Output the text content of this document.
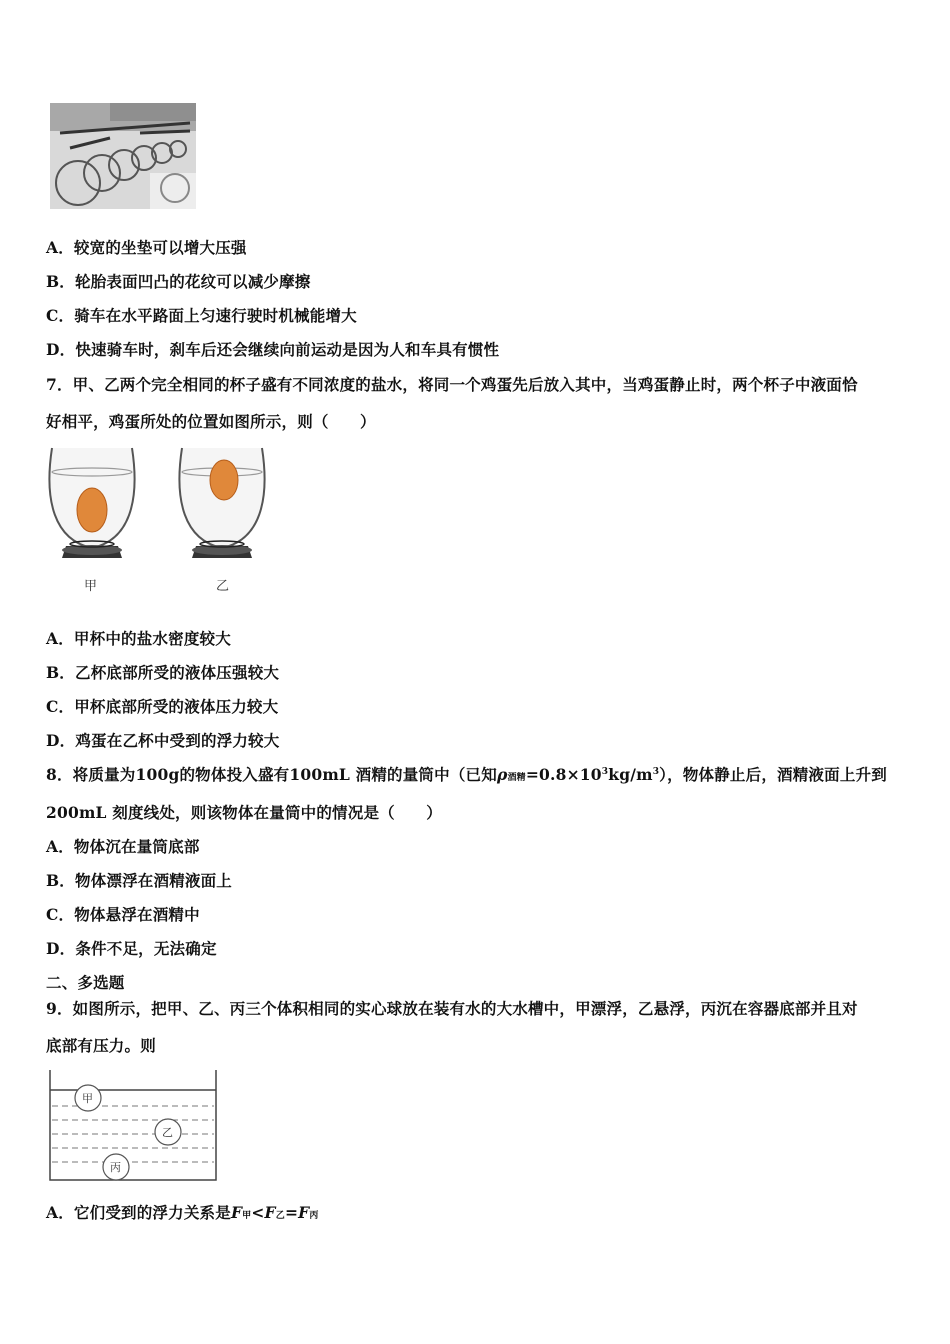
A．较宽的坐垫可以增大压强
B．轮胎表面凹凸的花纹可以减少摩擦
C．骑车在水平路面上匀速行驶时机械能增大
D．快速骑车时，刹车后还会继续向前运动是因为人和车具有惯性
7．甲、乙两个完全相同的杯子盛有不同浓度的盐水，将同一个鸡蛋先后放入其中，当鸡蛋静止时，两个杯子中液面恰
好相平，鸡蛋所处的位置如图所示，则（　　）
甲	乙
A．甲杯中的盐水密度较大
B．乙杯底部所受的液体压强较大
C．甲杯底部所受的液体压力较大
D．鸡蛋在乙杯中受到的浮力较大
8．将质量为100g的物体投入盛有100mL 酒精的量筒中（已知ρ酒精$=0.8\times 10^3kg/m^3$），物体静止后，酒精液面上升到
200mL 刻度线处，则该物体在量筒中的情况是（　　）
A．物体沉在量筒底部
B．物体漂浮在酒精液面上
C．物体悬浮在酒精中
D．条件不足，无法确定
二、多选题
9．如图所示，把甲、乙、丙三个体积相同的实心球放在装有水的大水槽中，甲漂浮，乙悬浮，丙沉在容器底部并且对
底部有压力。则
甲
乙
丙
A．它们受到的浮力关系是F甲<F乙=F丙
